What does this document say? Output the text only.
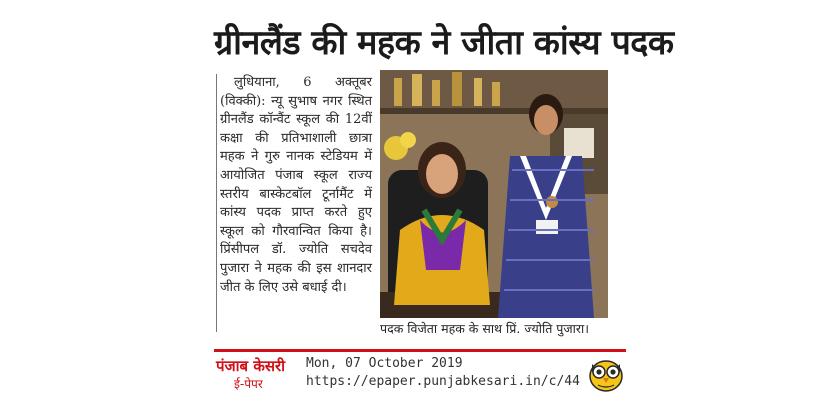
ग्रीनलैंड की महक ने जीता कांस्य पदक

लुधियाना, 6 अक्तूबर (विक्की): न्यू सुभाष नगर स्थित ग्रीनलैंड कॉन्वैंट स्कूल की 12वीं कक्षा की प्रतिभाशाली छात्रा महक ने गुरु नानक स्टेडियम में आयोजित पंजाब स्कूल राज्य स्तरीय बास्केटबॉल टूर्नामैंट में कांस्य पदक प्राप्त करते हुए स्कूल को गौरवान्वित किया है। प्रिंसीपल डॉ. ज्योति सचदेव पुजारा ने महक की इस शानदार जीत के लिए उसे बधाई दी।

पदक विजेता महक के साथ प्रिं. ज्योति पुजारा।
पंजाब केसरी
ई-पेपर
Mon, 07 October 2019
https://epaper.punjabkesari.in/c/44
